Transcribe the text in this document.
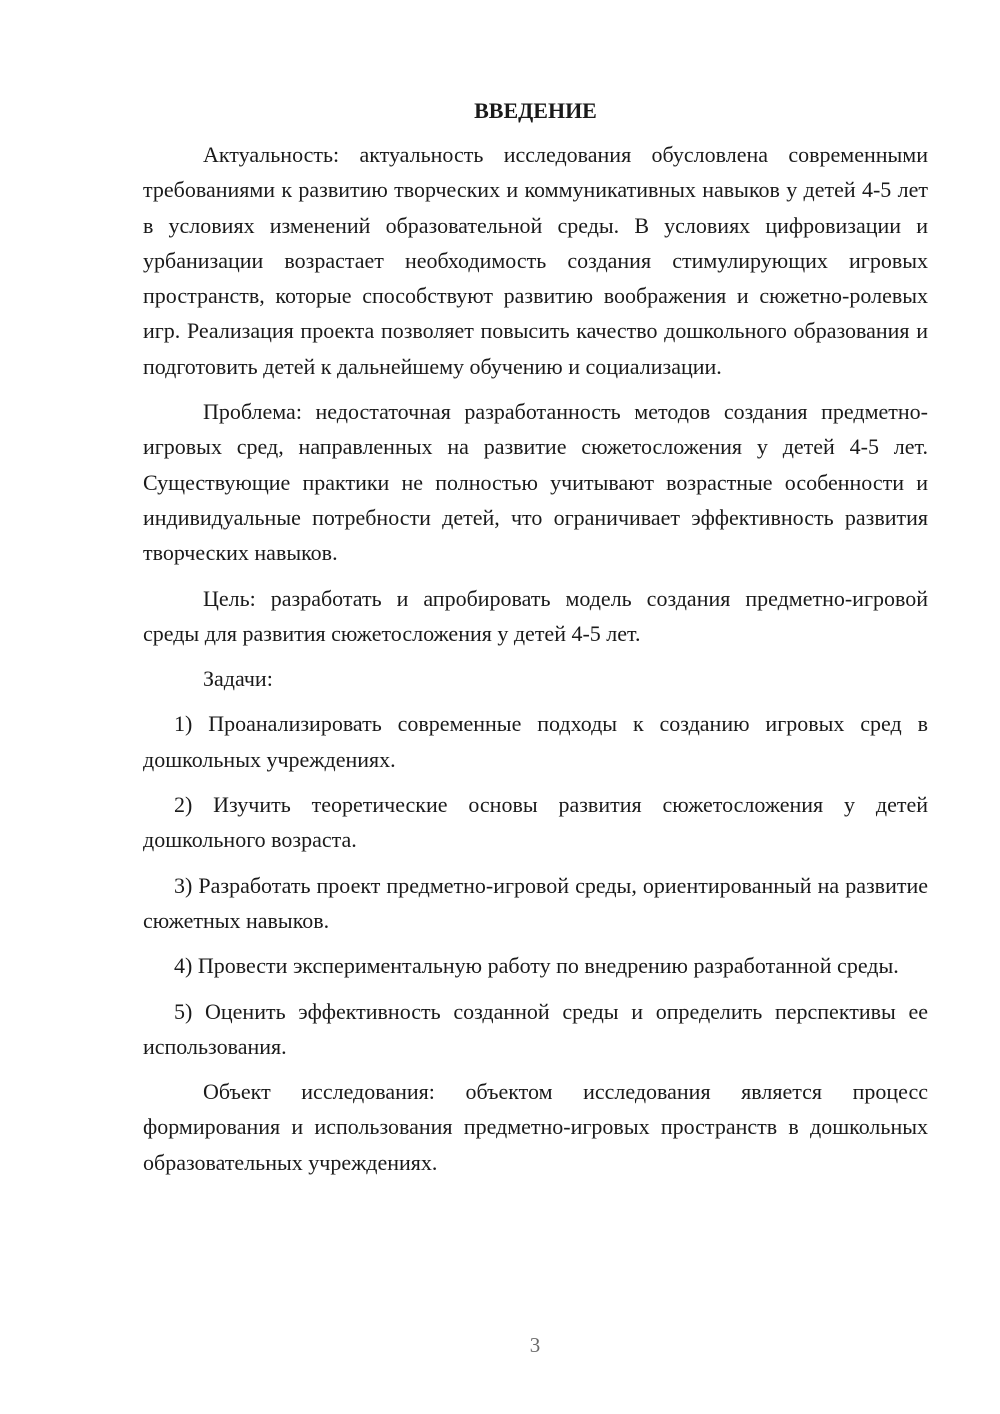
ВВЕДЕНИЕ

Актуальность: актуальность исследования обусловлена современными требованиями к развитию творческих и коммуникативных навыков у детей 4-5 лет в условиях изменений образовательной среды. В условиях цифровизации и урбанизации возрастает необходимость создания стимулирующих игровых пространств, которые способствуют развитию воображения и сюжетно-ролевых игр. Реализация проекта позволяет повысить качество дошкольного образования и подготовить детей к дальнейшему обучению и социализации.

Проблема: недостаточная разработанность методов создания предметно-игровых сред, направленных на развитие сюжетосложения у детей 4-5 лет. Существующие практики не полностью учитывают возрастные особенности и индивидуальные потребности детей, что ограничивает эффективность развития творческих навыков.

Цель: разработать и апробировать модель создания предметно-игровой среды для развития сюжетосложения у детей 4-5 лет.

Задачи:

1) Проанализировать современные подходы к созданию игровых сред в дошкольных учреждениях.

2) Изучить теоретические основы развития сюжетосложения у детей дошкольного возраста.

3) Разработать проект предметно-игровой среды, ориентированный на развитие сюжетных навыков.

4) Провести экспериментальную работу по внедрению разработанной среды.

5) Оценить эффективность созданной среды и определить перспективы ее использования.

Объект исследования: объектом исследования является процесс формирования и использования предметно-игровых пространств в дошкольных образовательных учреждениях.

3
